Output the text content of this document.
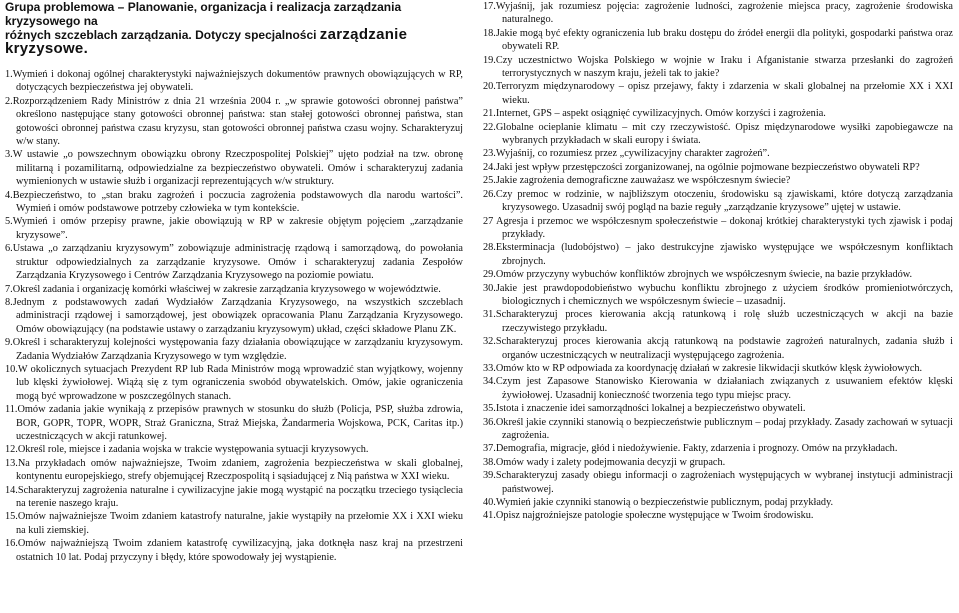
Grupa problemowa – Planowanie, organizacja i realizacja zarządzania kryzysowego na
różnych szczeblach zarządzania. Dotyczy specjalności zarządzanie kryzysowe.

1.Wymień i dokonaj ogólnej charakterystyki najważniejszych dokumentów prawnych obowiązujących w RP, dotyczących bezpieczeństwa jej obywateli.

2.Rozporządzeniem Rady Ministrów z dnia 21 września 2004 r. „w sprawie gotowości obronnej państwa” określono następujące stany gotowości obronnej państwa: stan stałej gotowości obronnej państwa, stan gotowości obronnej państwa czasu kryzysu, stan gotowości obronnej państwa czasu wojny. Scharakteryzuj w/w stany.

3.W ustawie „o powszechnym obowiązku obrony Rzeczpospolitej Polskiej” ujęto podział na tzw. obronę militarną i pozamilitarną, odpowiedzialne za bezpieczeństwo obywateli. Omów i scharakteryzuj zadania wymienionych w ustawie służb i organizacji reprezentujących w/w struktury.

4.Bezpieczeństwo, to „stan braku zagrożeń i poczucia zagrożenia podstawowych dla narodu wartości”. Wymień i omów podstawowe potrzeby człowieka w tym kontekście.

5.Wymień i omów przepisy prawne, jakie obowiązują w RP w zakresie objętym pojęciem „zarządzanie kryzysowe”.

6.Ustawa „o zarządzaniu kryzysowym” zobowiązuje administrację rządową i samorządową, do powołania struktur odpowiedzialnych za zarządzanie kryzysowe. Omów i scharakteryzuj zadania Zespołów Zarządzania Kryzysowego i Centrów Zarządzania Kryzysowego na poziomie powiatu.

7.Określ zadania i organizację komórki właściwej w zakresie zarządzania kryzysowego w województwie.

8.Jednym z podstawowych zadań Wydziałów Zarządzania Kryzysowego, na wszystkich szczeblach administracji rządowej i samorządowej, jest obowiązek opracowania Planu Zarządzania Kryzysowego. Omów obowiązujący (na podstawie ustawy o zarządzaniu kryzysowym) układ, części składowe Planu ZK.

9.Określ i scharakteryzuj kolejności występowania fazy działania obowiązujące w zarządzaniu kryzysowym. Zadania Wydziałów Zarządzania Kryzysowego w tym względzie.

10.W okolicznych sytuacjach Prezydent RP lub Rada Ministrów mogą wprowadzić stan wyjątkowy, wojenny lub klęski żywiołowej. Wiążą się z tym ograniczenia swobód obywatelskich. Omów, jakie ograniczenia mogą być wprowadzone w poszczególnych stanach.

11.Omów zadania jakie wynikają z przepisów prawnych w stosunku do służb (Policja, PSP, służba zdrowia, BOR, GOPR, TOPR, WOPR, Straż Graniczna, Straż Miejska, Żandarmeria Wojskowa, PCK, Caritas itp.) uczestniczących w akcji ratunkowej.

12.Określ role, miejsce i zadania wojska w trakcie występowania sytuacji kryzysowych.

13.Na przykładach omów najważniejsze, Twoim zdaniem, zagrożenia bezpieczeństwa w skali globalnej, kontynentu europejskiego, strefy objemującej Rzeczpospolitą i sąsiadującej z Nią państwa w XXI wieku.

14.Scharakteryzuj zagrożenia naturalne i cywilizacyjne jakie mogą wystąpić na początku trzeciego tysiąclecia na terenie naszego kraju.

15.Omów najważniejsze Twoim zdaniem katastrofy naturalne, jakie wystąpiły na przełomie XX i XXI wieku na kuli ziemskiej.

16.Omów najważniejszą Twoim zdaniem katastrofę cywilizacyjną, jaka dotknęła nasz kraj na przestrzeni ostatnich 10 lat. Podaj przyczyny i błędy, które spowodowały jej wystąpienie.

17.Wyjaśnij, jak rozumiesz pojęcia: zagrożenie ludności, zagrożenie miejsca pracy, zagrożenie środowiska naturalnego.

18.Jakie mogą być efekty ograniczenia lub braku dostępu do źródeł energii dla polityki, gospodarki państwa oraz obywateli RP.

19.Czy uczestnictwo Wojska Polskiego w wojnie w Iraku i Afganistanie stwarza przesłanki do zagrożeń terrorystycznych w naszym kraju, jeżeli tak to jakie?

20.Terroryzm międzynarodowy – opisz przejawy, fakty i zdarzenia w skali globalnej na przełomie XX i XXI wieku.

21.Internet, GPS – aspekt osiągnięć cywilizacyjnych. Omów korzyści i zagrożenia.

22.Globalne ocieplanie klimatu – mit czy rzeczywistość. Opisz międzynarodowe wysiłki zapobiegawcze na wybranych przykładach w skali europy i świata.

23.Wyjaśnij, co rozumiesz przez „cywilizacyjny charakter zagrożeń”.

24.Jaki jest wpływ przestępczości zorganizowanej, na ogólnie pojmowane bezpieczeństwo obywateli RP?

25.Jakie zagrożenia demograficzne zauważasz we współczesnym świecie?

26.Czy premoc w rodzinie, w najbliższym otoczeniu, środowisku są zjawiskami, które dotyczą zarządzania kryzysowego. Uzasadnij swój pogląd na bazie reguły „zarządzanie kryzysowe” ujętej w ustawie.

27 Agresja i przemoc we współczesnym społeczeństwie – dokonaj krótkiej charakterystyki tych zjawisk i podaj przykłady.

28.Eksterminacja (ludobójstwo) – jako destrukcyjne zjawisko występujące we współczesnym konfliktach zbrojnych.

29.Omów przyczyny wybuchów konfliktów zbrojnych we współczesnym świecie, na bazie przykładów.

30.Jakie jest prawdopodobieństwo wybuchu konfliktu zbrojnego z użyciem środków promieniotwórczych, biologicznych i chemicznych we współczesnym świecie – uzasadnij.

31.Scharakteryzuj proces kierowania akcją ratunkową i rolę służb uczestniczących w akcji na bazie rzeczywistego przykładu.

32.Scharakteryzuj proces kierowania akcją ratunkową na podstawie zagrożeń naturalnych, zadania służb i organów uczestniczących w neutralizacji występującego zagrożenia.

33.Omów kto w RP odpowiada za koordynację działań w zakresie likwidacji skutków klęsk żywiołowych.

34.Czym jest Zapasowe Stanowisko Kierowania w działaniach związanych z usuwaniem efektów klęski żywiołowej. Uzasadnij konieczność tworzenia tego typu miejsc pracy.

35.Istota i znaczenie idei samorządności lokalnej a bezpieczeństwo obywateli.

36.Określ jakie czynniki stanowią o bezpieczeństwie publicznym – podaj przykłady. Zasady zachowań w sytuacji zagrożenia.

37.Demografia, migracje, głód i niedożywienie. Fakty, zdarzenia i prognozy. Omów na przykładach.

38.Omów wady i zalety podejmowania decyzji w grupach.

39.Scharakteryzuj zasady obiegu informacji o zagrożeniach występujących w wybranej instytucji administracji państwowej.

40.Wymień jakie czynniki stanowią o bezpieczeństwie publicznym, podaj przykłady.

41.Opisz najgroźniejsze patologie społeczne występujące w Twoim środowisku.
